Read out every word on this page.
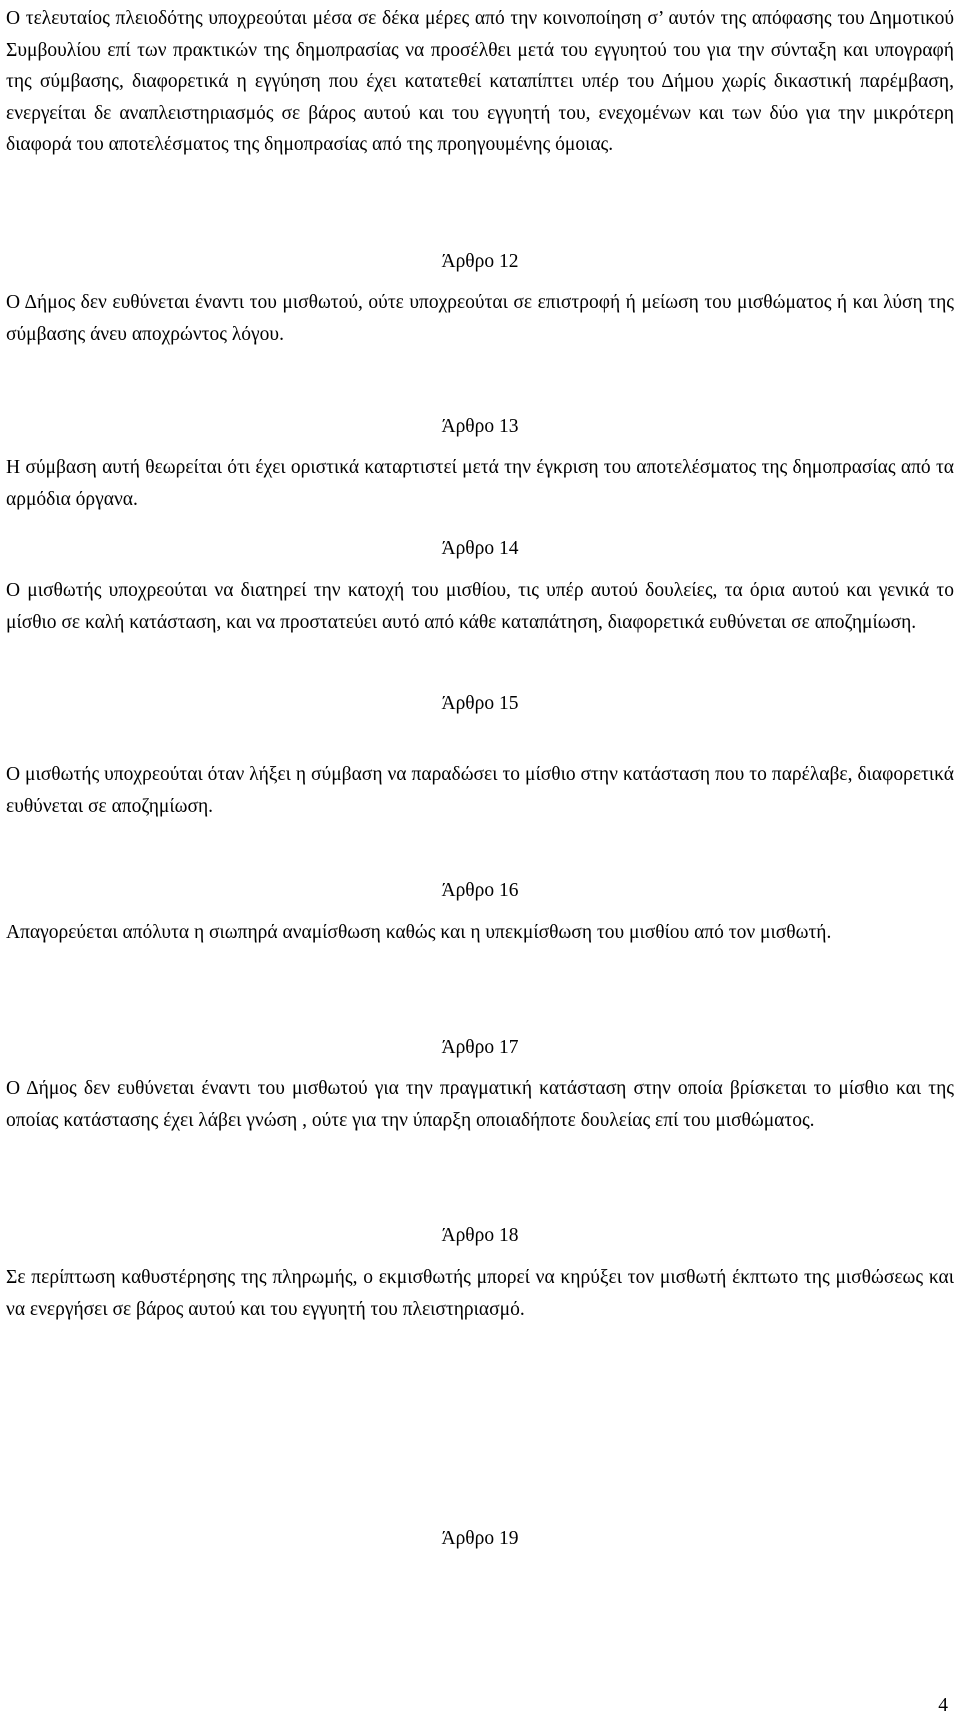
Ο τελευταίος πλειοδότης υποχρεούται μέσα σε δέκα μέρες από την κοινοποίηση σ’ αυτόν της απόφασης του Δημοτικού Συμβουλίου επί των πρακτικών της δημοπρασίας να προσέλθει μετά του εγγυητού του για την σύνταξη και υπογραφή της σύμβασης, διαφορετικά η εγγύηση που έχει κατατεθεί καταπίπτει υπέρ του Δήμου χωρίς δικαστική παρέμβαση, ενεργείται δε αναπλειστηριασμός σε βάρος αυτού και του εγγυητή του, ενεχομένων και των δύο για την μικρότερη διαφορά του αποτελέσματος της δημοπρασίας από της προηγουμένης όμοιας.

Άρθρο 12

Ο Δήμος δεν ευθύνεται έναντι του μισθωτού, ούτε υποχρεούται σε επιστροφή ή μείωση του μισθώματος ή και λύση της σύμβασης άνευ αποχρώντος λόγου.

Άρθρο 13

Η σύμβαση αυτή θεωρείται ότι έχει οριστικά καταρτιστεί μετά την έγκριση του αποτελέσματος της δημοπρασίας από τα αρμόδια όργανα.

Άρθρο 14

Ο μισθωτής υποχρεούται να διατηρεί την κατοχή του μισθίου, τις υπέρ αυτού δουλείες, τα όρια αυτού και γενικά το μίσθιο σε καλή κατάσταση, και να προστατεύει αυτό από κάθε καταπάτηση, διαφορετικά ευθύνεται σε αποζημίωση.

Άρθρο 15

Ο μισθωτής υποχρεούται όταν λήξει η σύμβαση να παραδώσει το μίσθιο στην κατάσταση που το παρέλαβε, διαφορετικά ευθύνεται σε αποζημίωση.

Άρθρο 16

Απαγορεύεται απόλυτα η σιωπηρά αναμίσθωση καθώς και η υπεκμίσθωση του μισθίου από τον μισθωτή.

Άρθρο 17

Ο Δήμος δεν ευθύνεται έναντι του μισθωτού για την πραγματική κατάσταση στην οποία βρίσκεται το μίσθιο και της οποίας κατάστασης έχει λάβει γνώση , ούτε για την ύπαρξη οποιαδήποτε δουλείας επί του μισθώματος.

Άρθρο 18

Σε περίπτωση καθυστέρησης της πληρωμής, ο εκμισθωτής μπορεί να κηρύξει τον μισθωτή έκπτωτο της μισθώσεως και να ενεργήσει σε βάρος αυτού και του εγγυητή του πλειστηριασμό.

Άρθρο 19

4
